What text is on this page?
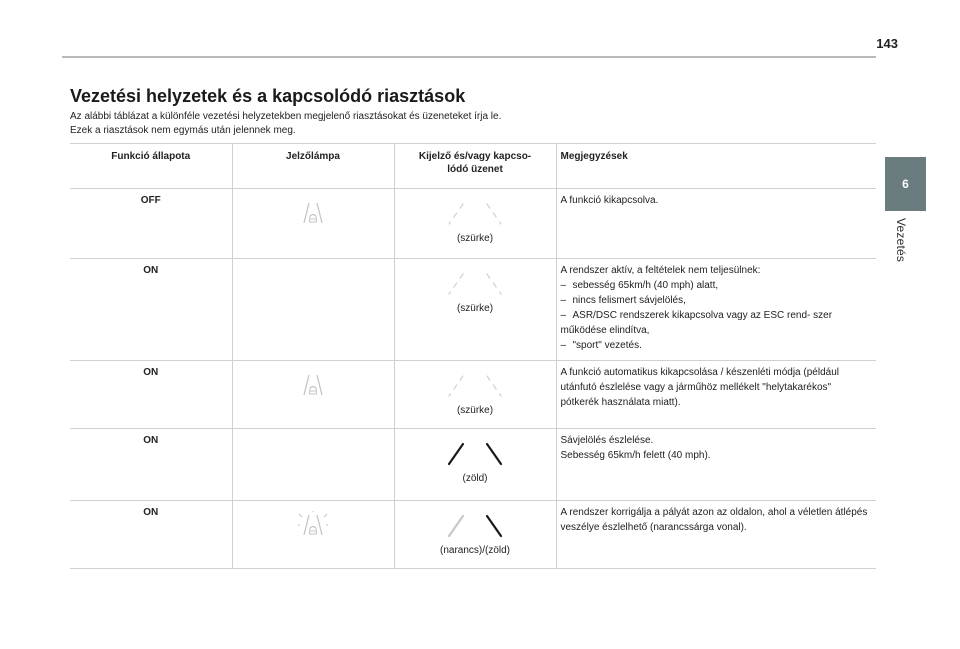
143
6
Vezetés
Vezetési helyzetek és a kapcsolódó riasztások
Az alábbi táblázat a különféle vezetési helyzetekben megjelenő riasztásokat és üzeneteket írja le.
Ezek a riasztások nem egymás után jelennek meg.
Funkció állapota	Jelzőlámpa	Kijelző és/vagy kapcso-
lódó üzenet	Megjegyzések
OFF		(szürke)	A funkció kikapcsolva.

ON		(szürke)	A rendszer aktív, a feltételek nem teljesülnek:
– sebesség 65km/h (40 mph) alatt,
– nincs felismert sávjelölés,
– ASR/DSC rendszerek kikapcsolva vagy az ESC rend- szer működése elindítva,
– "sport" vezetés.

ON		(szürke)	A funkció automatikus kikapcsolása / készenléti módja (például utánfutó észlelése vagy a járműhöz mellékelt "helytakarékos" pótkerék használata miatt).

ON		(zöld)	Sávjelölés észlelése.
Sebesség 65km/h felett (40 mph).

ON		(narancs)/(zöld)	A rendszer korrigálja a pályát azon az oldalon, ahol a véletlen átlépés veszélye észlelhető (narancssárga vonal).
